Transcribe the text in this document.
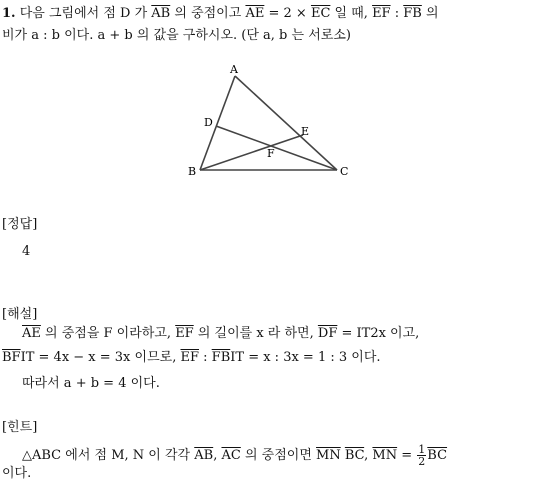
1. 다음 그림에서 점 D 가 $\overline{AB}$ 의 중점이고 $\overline{AE} = 2 \times \overline{EC}$ 일 때, $\overline{EF}$ : $\overline{FB}$ 의
비가 a : b 이다. a + b 의 값을 구하시오. (단 a, b 는 서로소)
A
B	C
D
E
F
[정답]
4
[해설]
$\overline{AE}$ 의 중점을 F 이라하고, $\overline{EF}$ 의 길이를 x 라 하면, $\overline{DF} = IT2x$ 이고,
$\overline{BF}IT = 4x - x = 3x$ 이므로, $\overline{EF}$ : $\overline{FB}IT = x$ : 3x = 1 : 3 이다.
따라서 a + b = 4 이다.
[힌트]
△ABC 에서 점 M, N 이 각각 $\overline{AB}$, $\overline{AC}$ 의 중점이면 $\overline{MN}$ $\overline{BC}$, $\overline{MN} = \frac{1}{2} \overline{BC}$
이다.
